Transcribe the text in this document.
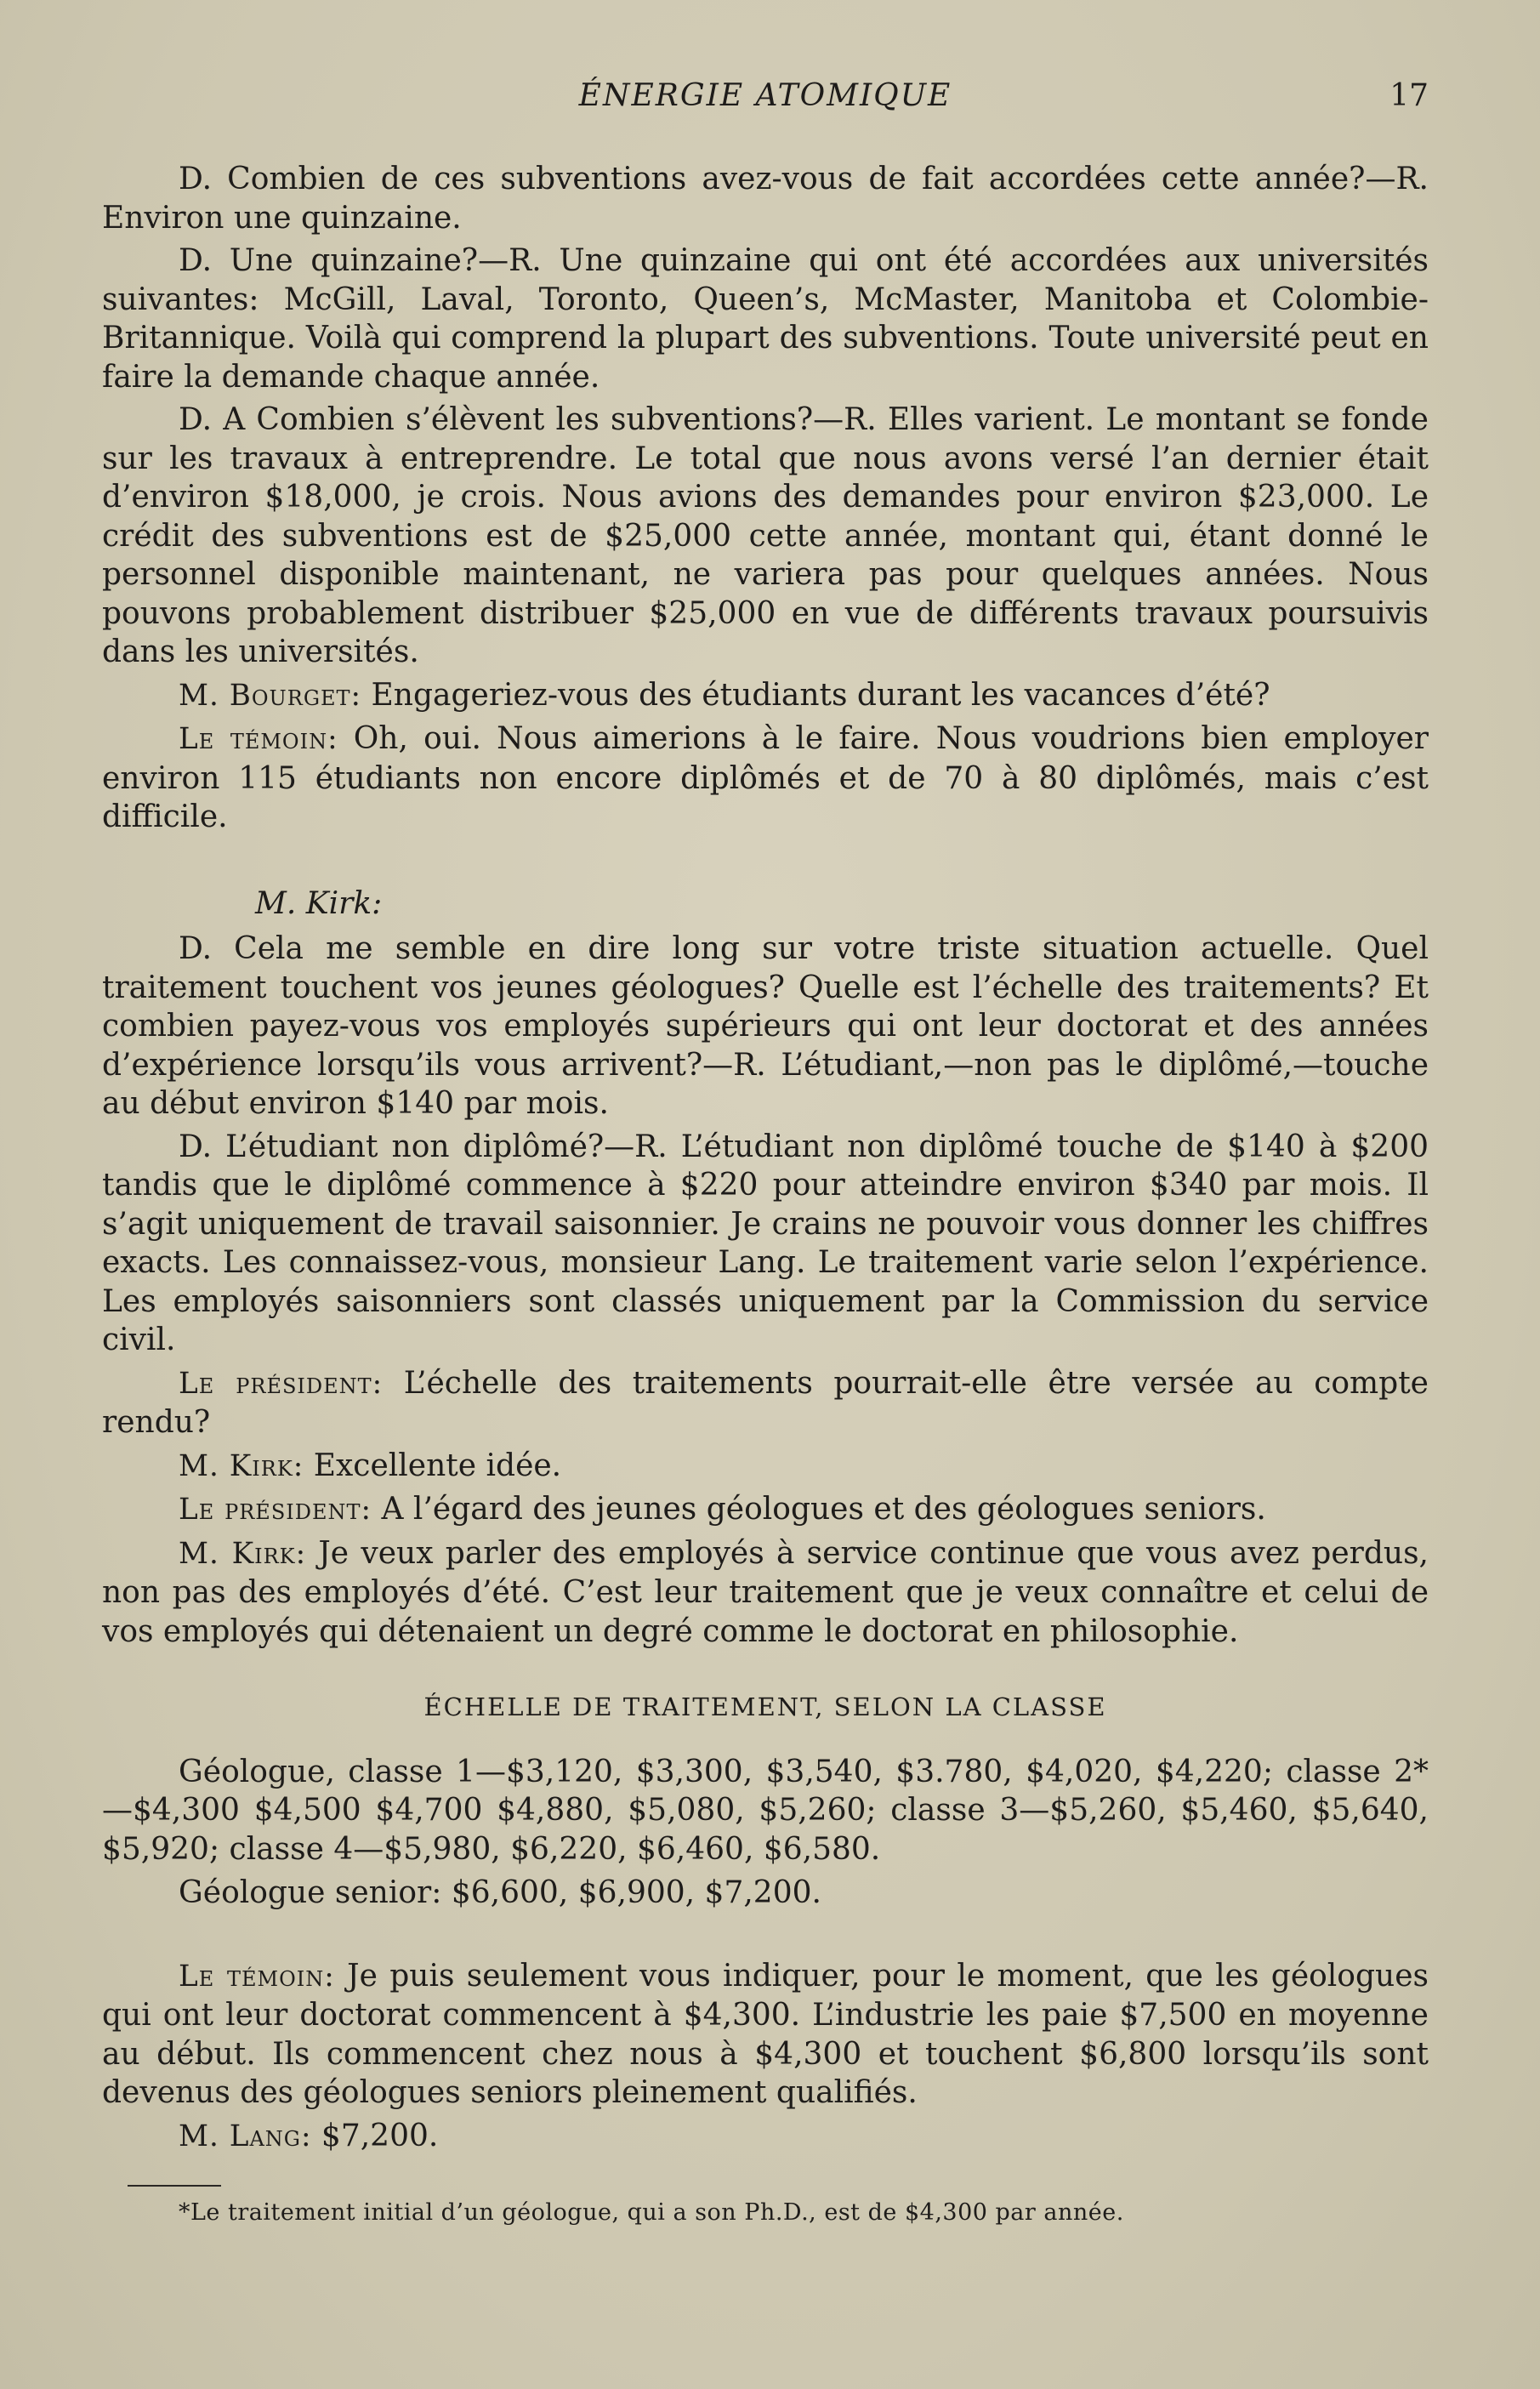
ÉNERGIE ATOMIQUE	17

D. Combien de ces subventions avez-vous de fait accordées cette année?—R. Environ une quinzaine.

D. Une quinzaine?—R. Une quinzaine qui ont été accordées aux universités suivantes: McGill, Laval, Toronto, Queen’s, McMaster, Manitoba et Colombie-Britannique. Voilà qui comprend la plupart des subventions. Toute université peut en faire la demande chaque année.

D. A Combien s’élèvent les subventions?—R. Elles varient. Le montant se fonde sur les travaux à entreprendre. Le total que nous avons versé l’an dernier était d’environ $18,000, je crois. Nous avions des demandes pour environ $23,000. Le crédit des subventions est de $25,000 cette année, montant qui, étant donné le personnel disponible maintenant, ne variera pas pour quelques années. Nous pouvons probablement distribuer $25,000 en vue de différents travaux poursuivis dans les universités.

M. Bourget: Engageriez-vous des étudiants durant les vacances d’été?

Le témoin: Oh, oui. Nous aimerions à le faire. Nous voudrions bien employer environ 115 étudiants non encore diplômés et de 70 à 80 diplômés, mais c’est difficile.

M. Kirk:

D. Cela me semble en dire long sur votre triste situation actuelle. Quel traitement touchent vos jeunes géologues? Quelle est l’échelle des traitements? Et combien payez-vous vos employés supérieurs qui ont leur doctorat et des années d’expérience lorsqu’ils vous arrivent?—R. L’étudiant,—non pas le diplômé,—touche au début environ $140 par mois.

D. L’étudiant non diplômé?—R. L’étudiant non diplômé touche de $140 à $200 tandis que le diplômé commence à $220 pour atteindre environ $340 par mois. Il s’agit uniquement de travail saisonnier. Je crains ne pouvoir vous donner les chiffres exacts. Les connaissez-vous, monsieur Lang. Le traitement varie selon l’expérience. Les employés saisonniers sont classés uniquement par la Commission du service civil.

Le président: L’échelle des traitements pourrait-elle être versée au compte rendu?

M. Kirk: Excellente idée.

Le président: A l’égard des jeunes géologues et des géologues seniors.

M. Kirk: Je veux parler des employés à service continue que vous avez perdus, non pas des employés d’été. C’est leur traitement que je veux connaître et celui de vos employés qui détenaient un degré comme le doctorat en philosophie.

ÉCHELLE DE TRAITEMENT, SELON LA CLASSE

Géologue, classe 1—$3,120, $3,300, $3,540, $3.780, $4,020, $4,220; classe 2*—$4,300 $4,500 $4,700 $4,880, $5,080, $5,260; classe 3—$5,260, $5,460, $5,640, $5,920; classe 4—$5,980, $6,220, $6,460, $6,580.

Géologue senior: $6,600, $6,900, $7,200.

Le témoin: Je puis seulement vous indiquer, pour le moment, que les géologues qui ont leur doctorat commencent à $4,300. L’industrie les paie $7,500 en moyenne au début. Ils commencent chez nous à $4,300 et touchent $6,800 lorsqu’ils sont devenus des géologues seniors pleinement qualifiés.

M. Lang: $7,200.

*Le traitement initial d’un géologue, qui a son Ph.D., est de $4,300 par année.
